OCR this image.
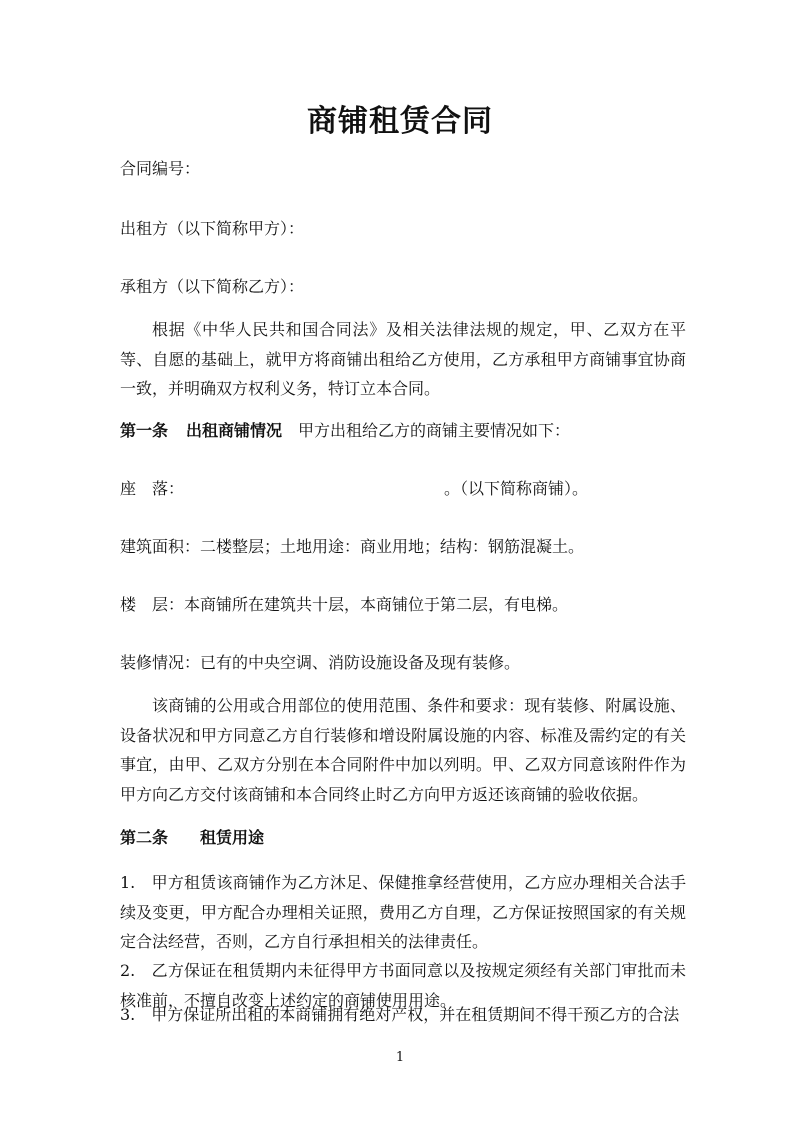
商铺租赁合同
合同编号：
出租方（以下简称甲方）：
承租方（以下简称乙方）：
根据《中华人民共和国合同法》及相关法律法规的规定，甲、乙双方在平等、自愿的基础上，就甲方将商铺出租给乙方使用，乙方承租甲方商铺事宜协商一致，并明确双方权利义务，特订立本合同。
第一条 出租商铺情况 甲方出租给乙方的商铺主要情况如下：
座　落：	。（以下简称商铺）。
建筑面积：二楼整层；土地用途：商业用地；结构：钢筋混凝土。
楼　层：本商铺所在建筑共十层，本商铺位于第二层，有电梯。
装修情况：已有的中央空调、消防设施设备及现有装修。
该商铺的公用或合用部位的使用范围、条件和要求：现有装修、附属设施、设备状况和甲方同意乙方自行装修和增设附属设施的内容、标准及需约定的有关事宜，由甲、乙双方分别在本合同附件中加以列明。甲、乙双方同意该附件作为甲方向乙方交付该商铺和本合同终止时乙方向甲方返还该商铺的验收依据。
第二条 租赁用途
1.　甲方租赁该商铺作为乙方沐足、保健推拿经营使用，乙方应办理相关合法手续及变更，甲方配合办理相关证照，费用乙方自理，乙方保证按照国家的有关规定合法经营，否则，乙方自行承担相关的法律责任。
2.　乙方保证在租赁期内未征得甲方书面同意以及按规定须经有关部门审批而未核准前，不擅自改变上述约定的商铺使用用途。
3.　甲方保证所出租的本商铺拥有绝对产权，并在租赁期间不得干预乙方的合法
1
